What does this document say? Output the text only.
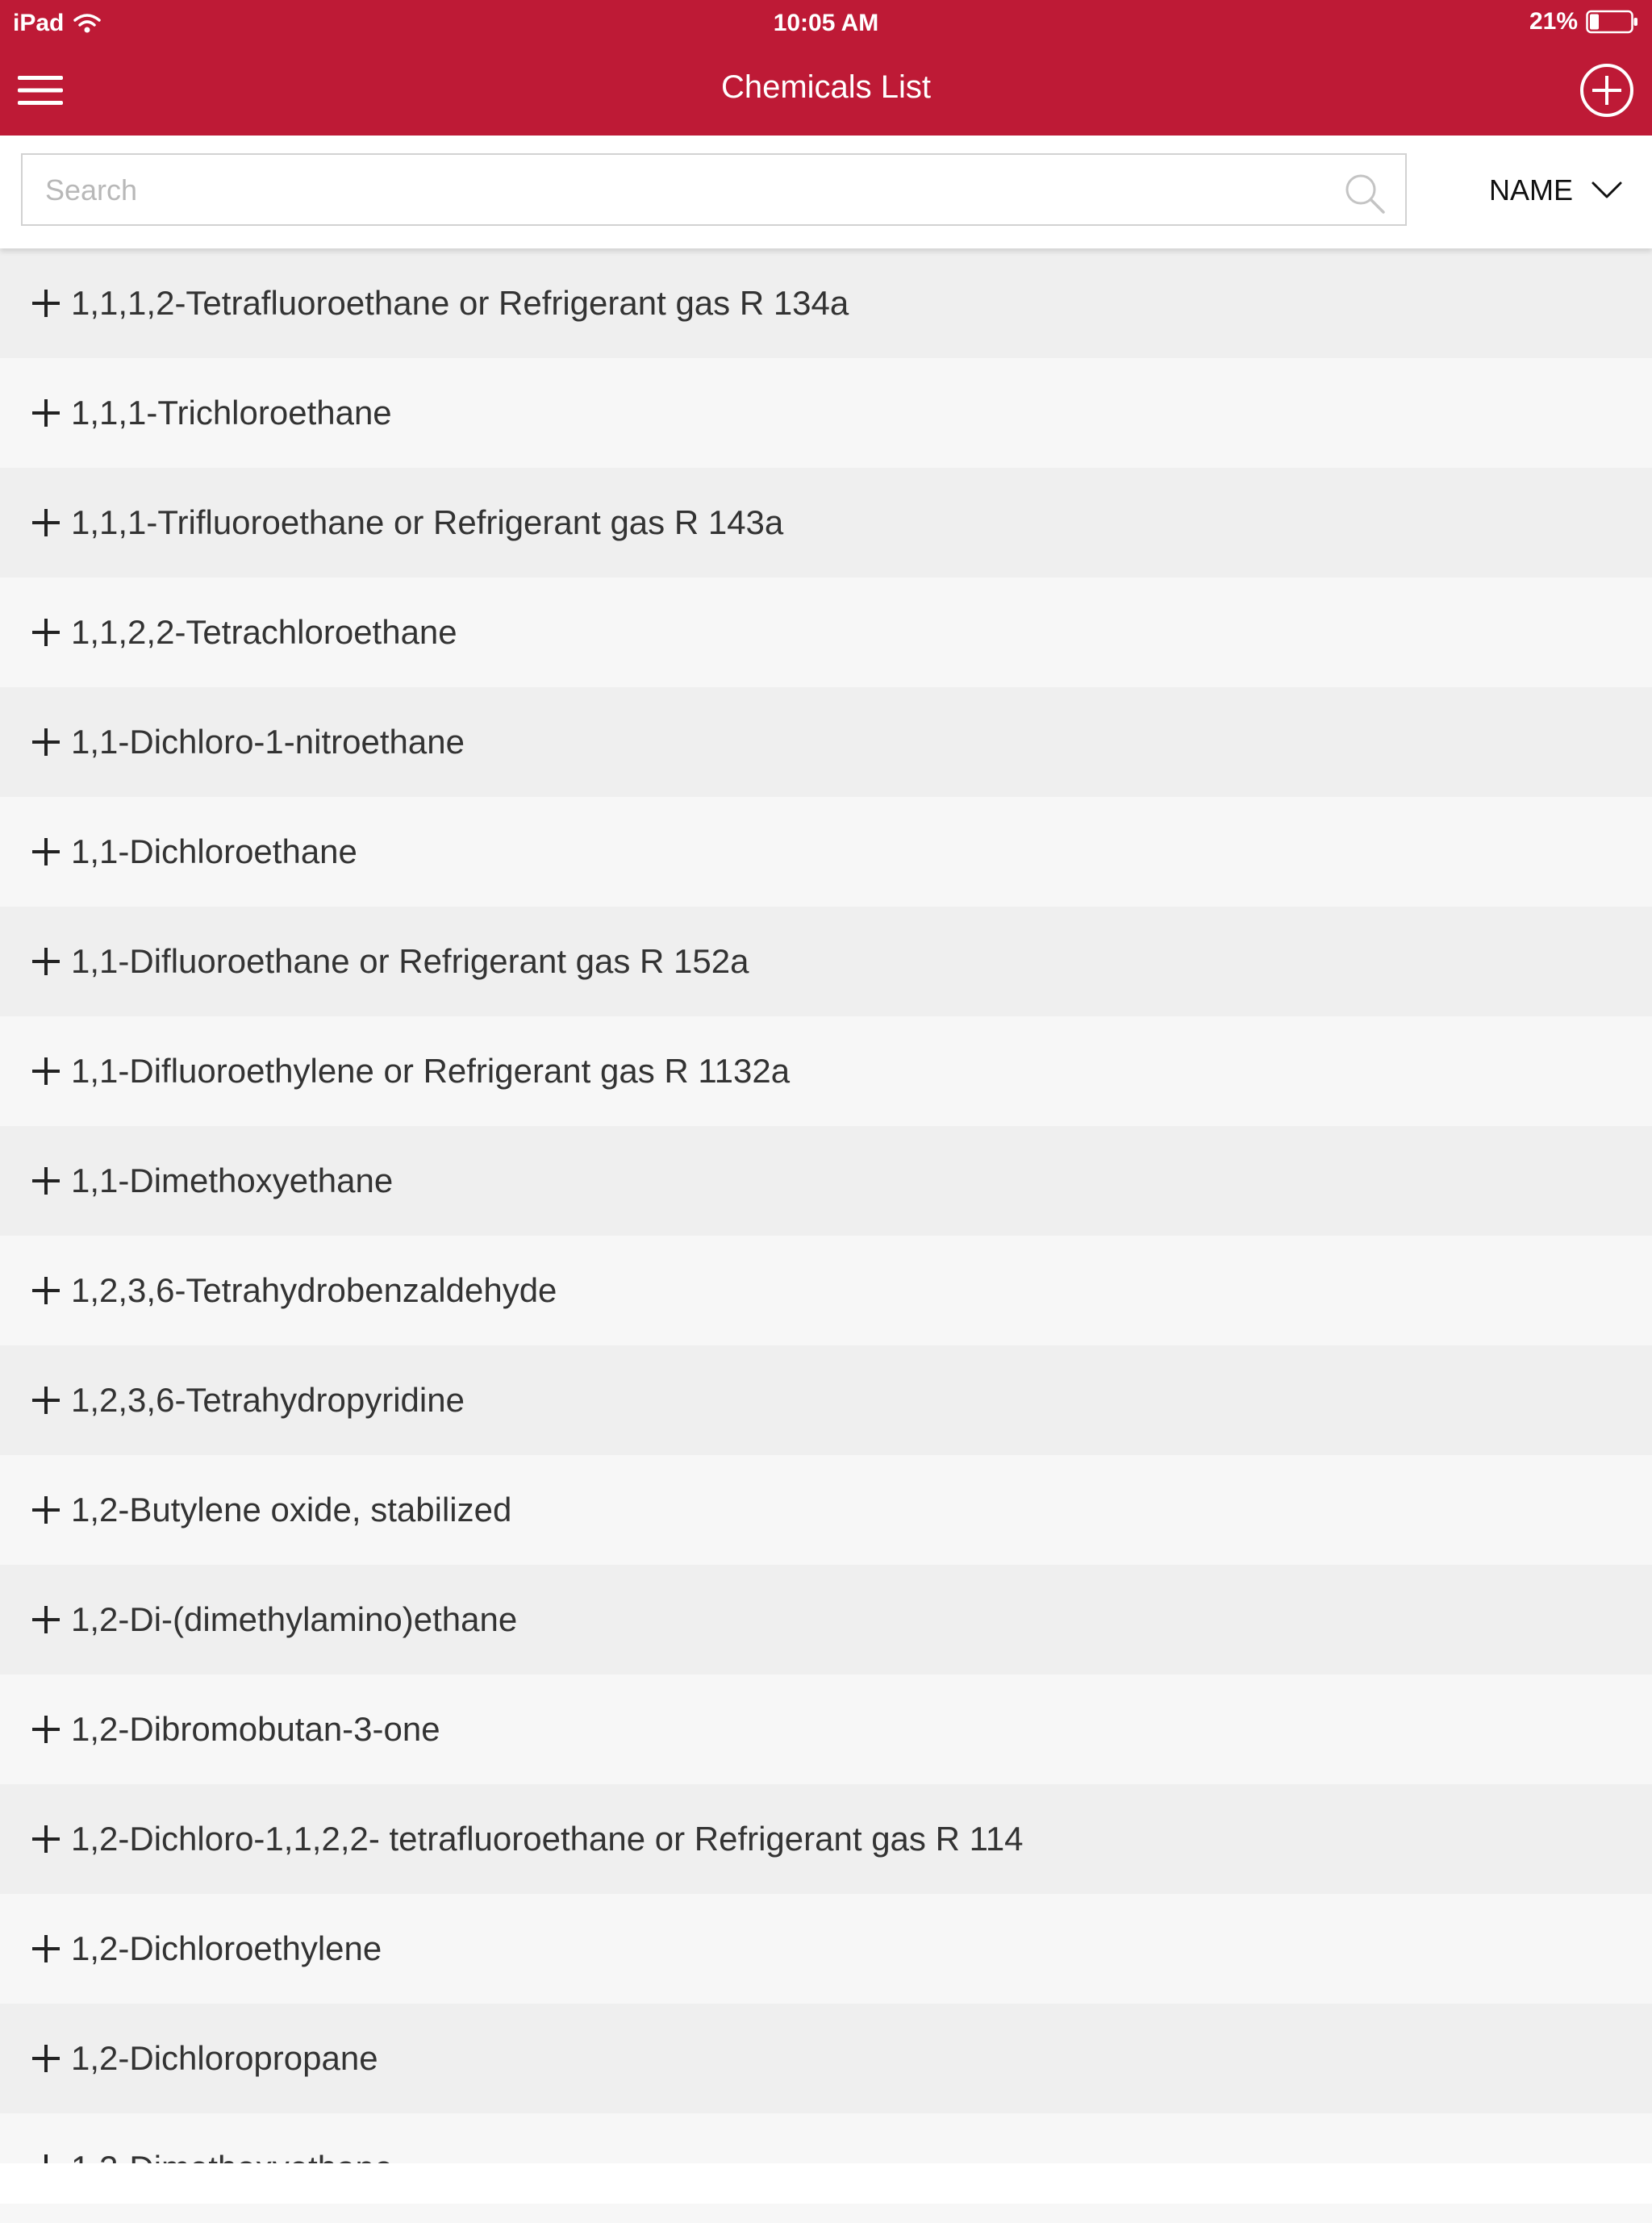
iPad	10:05 AM	21%
Chemicals List
Search
NAME
1,1,1,2-Tetrafluoroethane or Refrigerant gas R 134a
1,1,1-Trichloroethane
1,1,1-Trifluoroethane or Refrigerant gas R 143a
1,1,2,2-Tetrachloroethane
1,1-Dichloro-1-nitroethane
1,1-Dichloroethane
1,1-Difluoroethane or Refrigerant gas R 152a
1,1-Difluoroethylene or Refrigerant gas R 1132a
1,1-Dimethoxyethane
1,2,3,6-Tetrahydrobenzaldehyde
1,2,3,6-Tetrahydropyridine
1,2-Butylene oxide, stabilized
1,2-Di-(dimethylamino)ethane
1,2-Dibromobutan-3-one
1,2-Dichloro-1,1,2,2- tetrafluoroethane or Refrigerant gas R 114
1,2-Dichloroethylene
1,2-Dichloropropane
